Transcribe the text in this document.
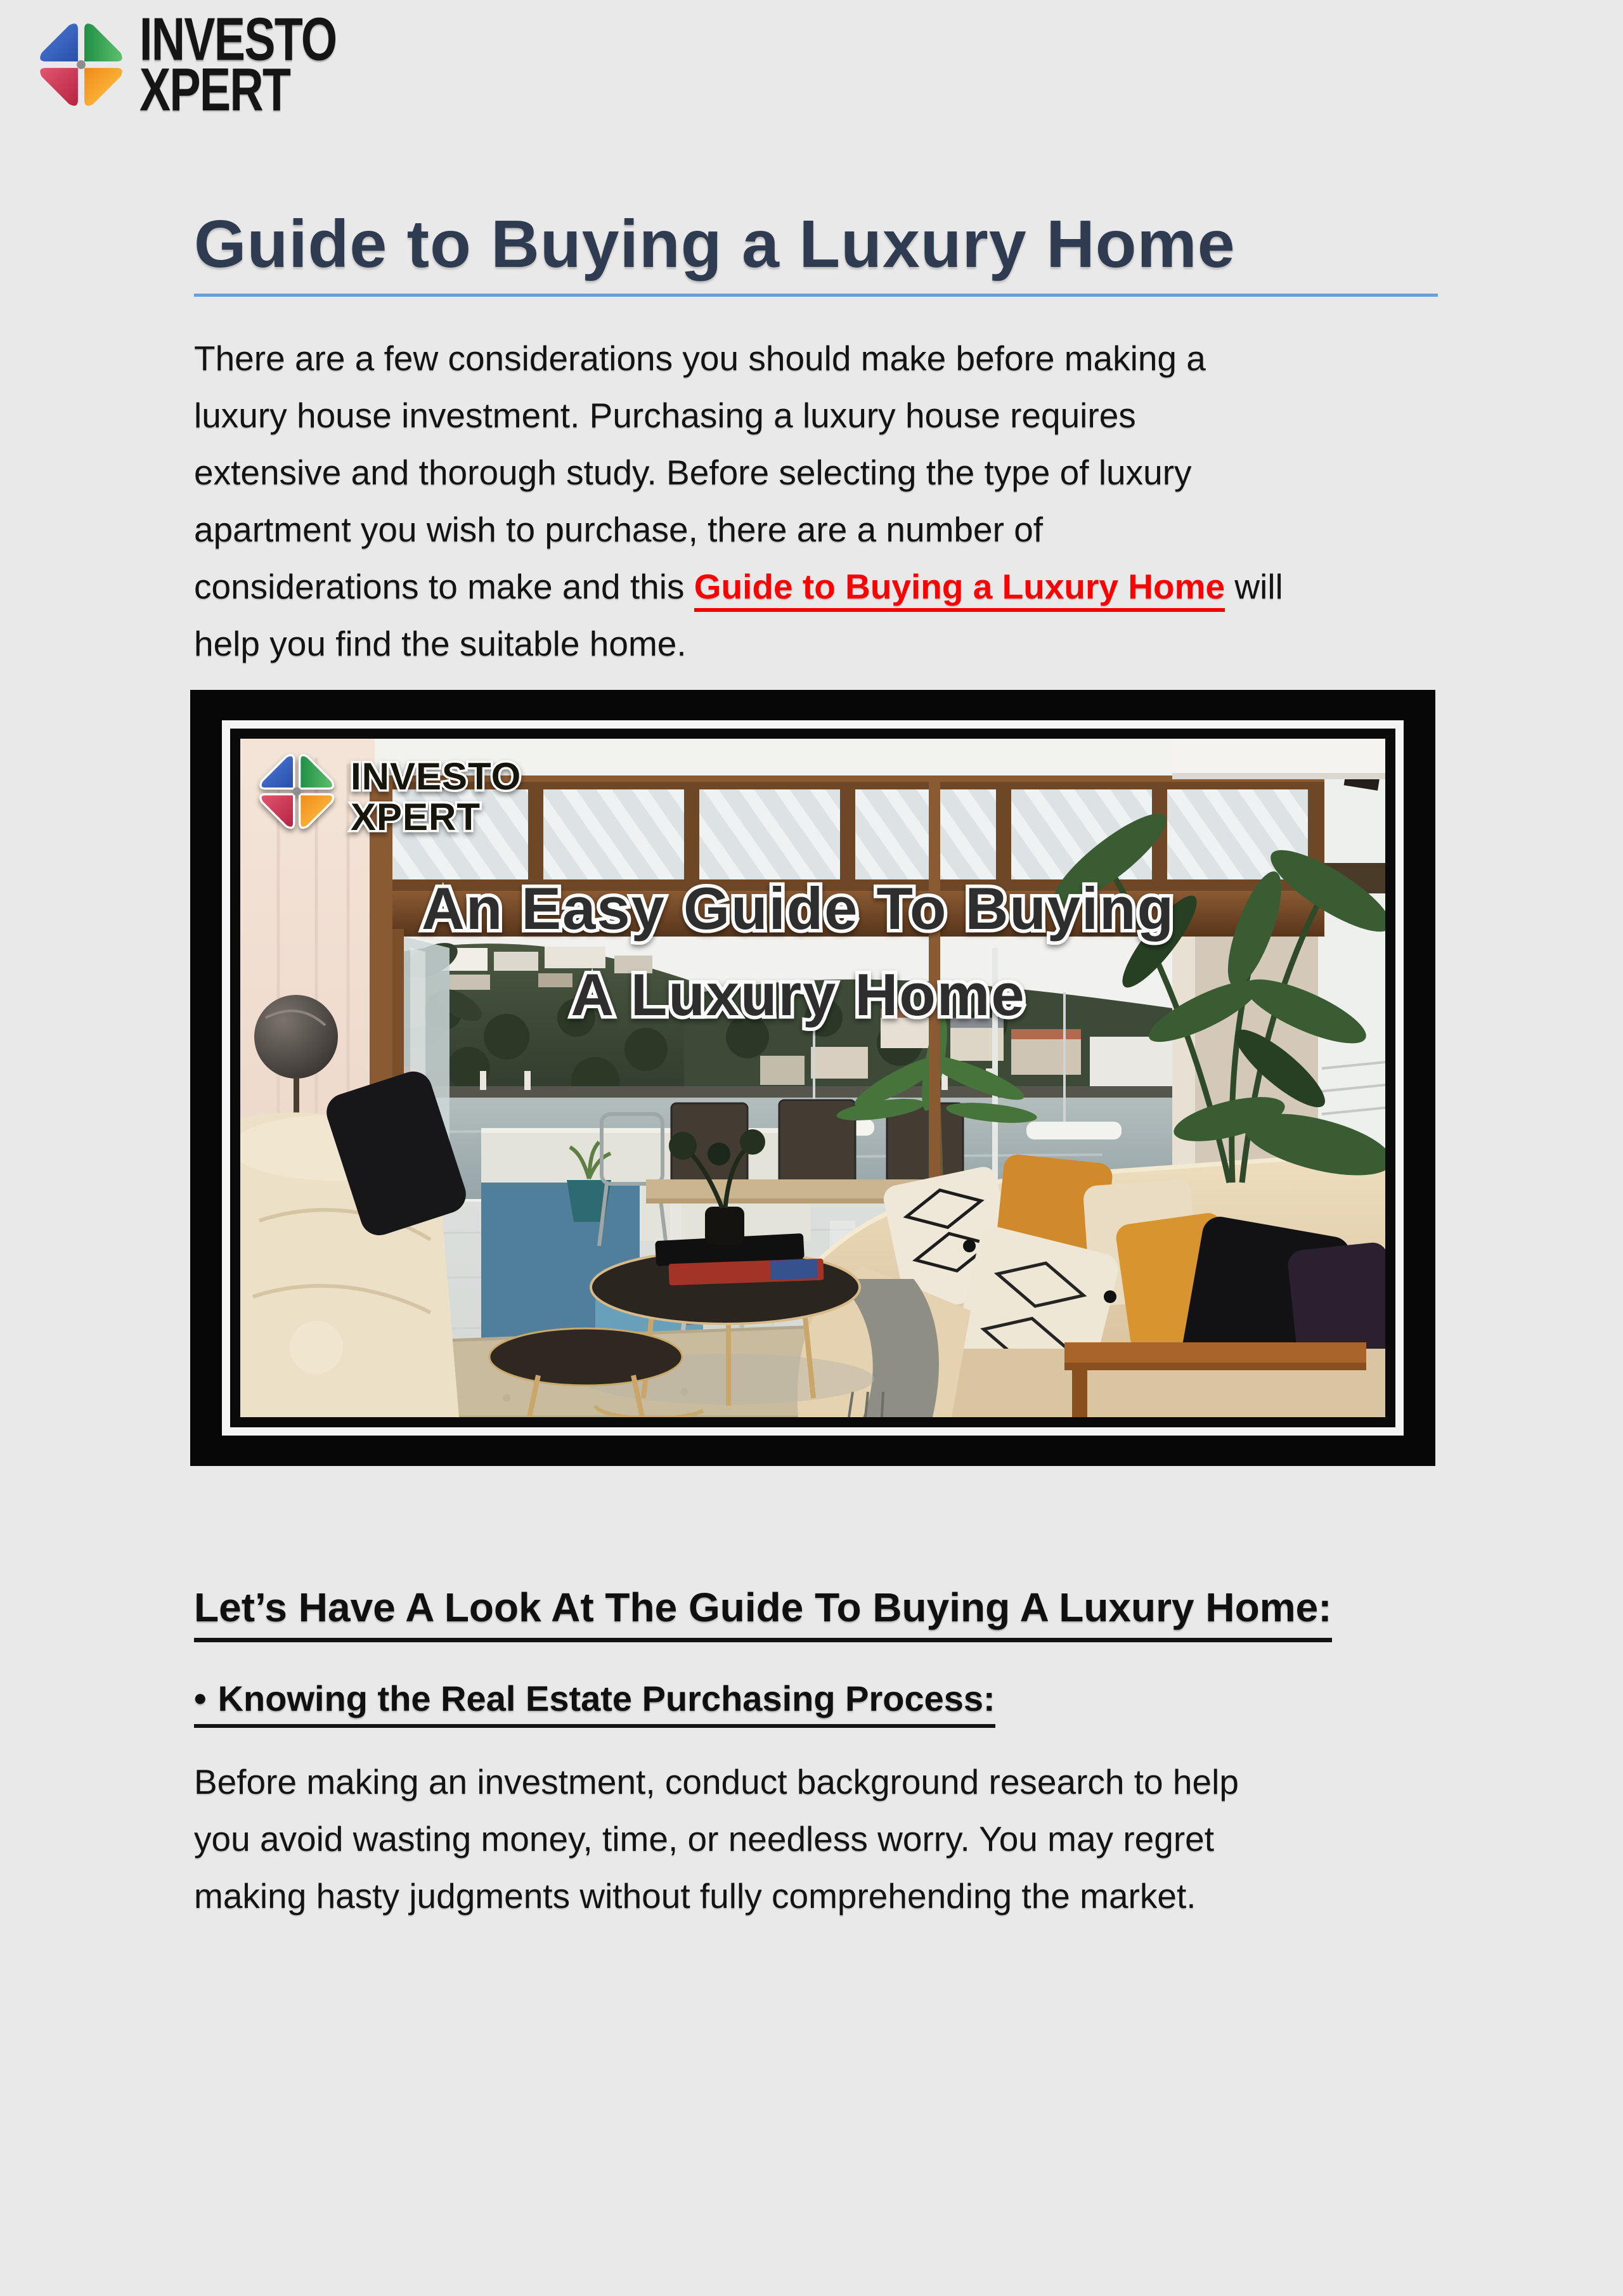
INVESTO
XPERT
Guide to Buying a Luxury Home
There are a few considerations you should make before making a
luxury house investment. Purchasing a luxury house requires
extensive and thorough study. Before selecting the type of luxury
apartment you wish to purchase, there are a number of
considerations to make and this Guide to Buying a Luxury Home will
help you find the suitable home.
INVESTO
XPERT
An Easy Guide To Buying
A Luxury Home
Let’s Have A Look At The Guide To Buying A Luxury Home:
• Knowing the Real Estate Purchasing Process:
Before making an investment, conduct background research to help
you avoid wasting money, time, or needless worry. You may regret
making hasty judgments without fully comprehending the market.
